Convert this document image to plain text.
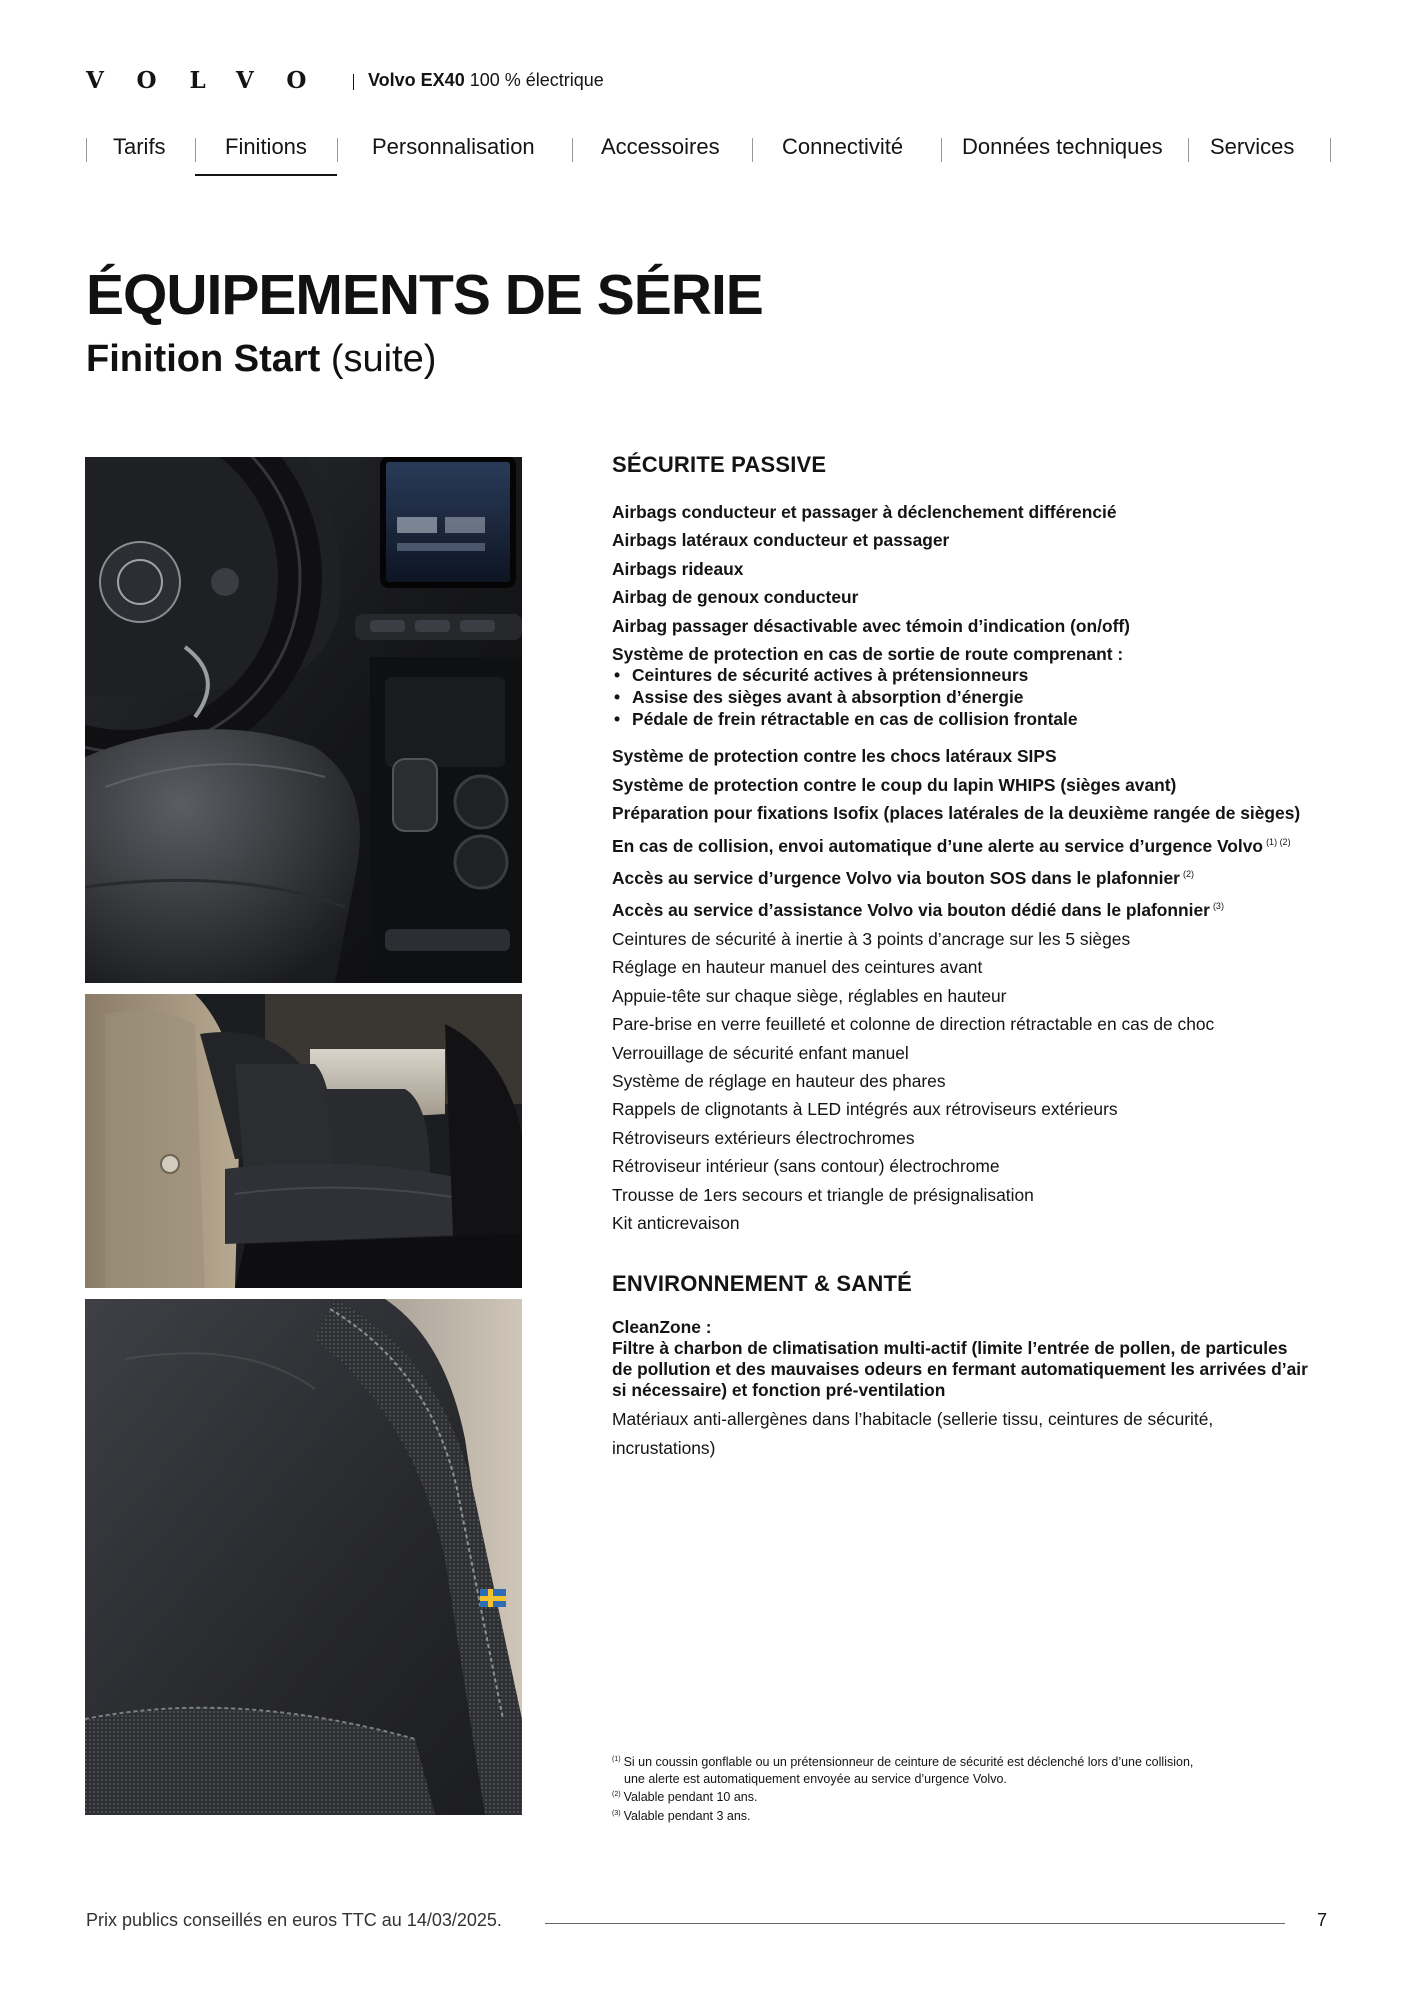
VOLVO Volvo EX40 100 % électrique
Tarifs	Finitions	Personnalisation	Accessoires	Connectivité	Données techniques Services
ÉQUIPEMENTS DE SÉRIE
Finition Start (suite)
SÉCURITE PASSIVE
Airbags conducteur et passager à déclenchement différencié
Airbags latéraux conducteur et passager
Airbags rideaux
Airbag de genoux conducteur
Airbag passager désactivable avec témoin d’indication (on/off)
Système de protection en cas de sortie de route comprenant :
• Ceintures de sécurité actives à prétensionneurs
• Assise des sièges avant à absorption d’énergie
• Pédale de frein rétractable en cas de collision frontale
Système de protection contre les chocs latéraux SIPS
Système de protection contre le coup du lapin WHIPS (sièges avant)
Préparation pour fixations Isofix (places latérales de la deuxième rangée de sièges)
En cas de collision, envoi automatique d’une alerte au service d’urgence Volvo $^{(1) (2)}$
Accès au service d’urgence Volvo via bouton SOS dans le plafonnier $^{(2)}$
Accès au service d’assistance Volvo via bouton dédié dans le plafonnier $^{(3)}$
Ceintures de sécurité à inertie à 3 points d’ancrage sur les 5 sièges
Réglage en hauteur manuel des ceintures avant
Appuie-tête sur chaque siège, réglables en hauteur
Pare-brise en verre feuilleté et colonne de direction rétractable en cas de choc
Verrouillage de sécurité enfant manuel
Système de réglage en hauteur des phares
Rappels de clignotants à LED intégrés aux rétroviseurs extérieurs
Rétroviseurs extérieurs électrochromes
Rétroviseur intérieur (sans contour) électrochrome
Trousse de 1ers secours et triangle de présignalisation
Kit anticrevaison
ENVIRONNEMENT & SANTÉ
CleanZone :
Filtre à charbon de climatisation multi-actif (limite l’entrée de pollen, de particules de pollution et des mauvaises odeurs en fermant automatiquement les arrivées d’air si nécessaire) et fonction pré-ventilation
Matériaux anti-allergènes dans l’habitacle (sellerie tissu, ceintures de sécurité, incrustations)
$^{(1)}$ Si un coussin gonflable ou un prétensionneur de ceinture de sécurité est déclenché lors d’une collision,
une alerte est automatiquement envoyée au service d’urgence Volvo.
$^{(2)}$ Valable pendant 10 ans.
$^{(3)}$ Valable pendant 3 ans.
Prix publics conseillés en euros TTC au 14/03/2025.	7
